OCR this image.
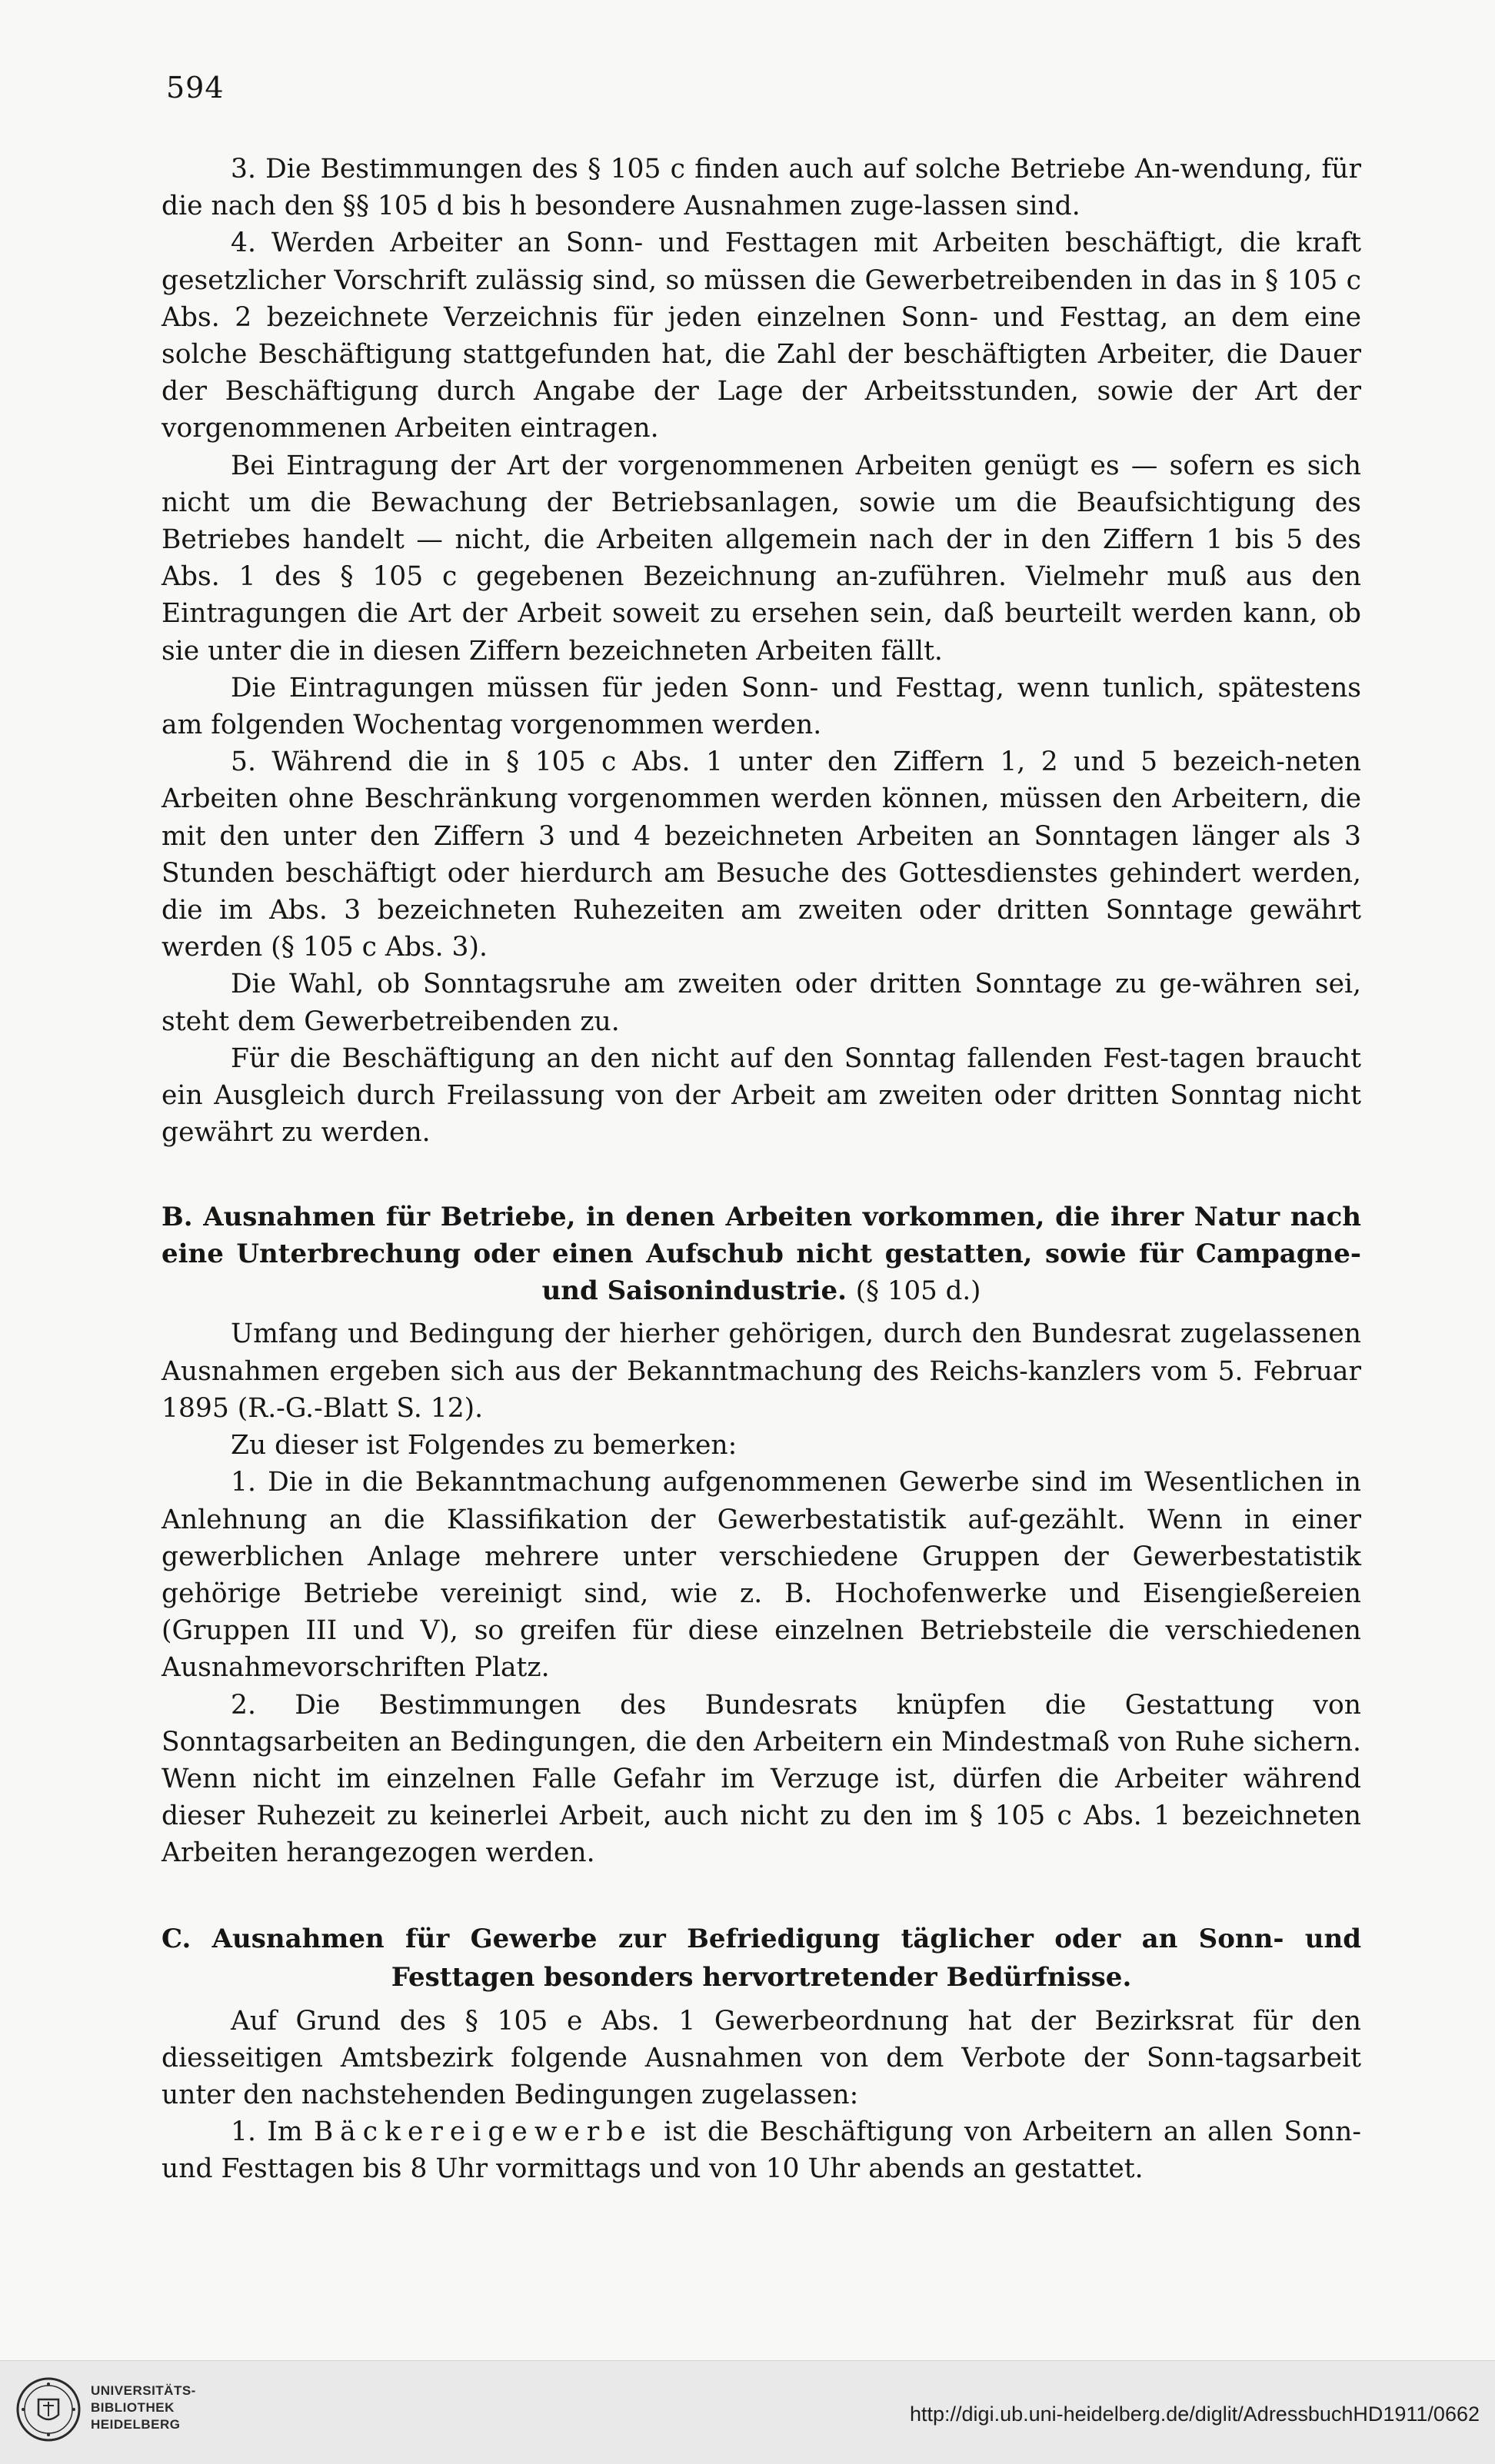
594

3. Die Bestimmungen des § 105 c finden auch auf solche Betriebe An-wendung, für die nach den §§ 105 d bis h besondere Ausnahmen zuge-lassen sind.

4. Werden Arbeiter an Sonn- und Festtagen mit Arbeiten beschäftigt, die kraft gesetzlicher Vorschrift zulässig sind, so müssen die Gewerbetreibenden in das in § 105 c Abs. 2 bezeichnete Verzeichnis für jeden einzelnen Sonn- und Festtag, an dem eine solche Beschäftigung stattgefunden hat, die Zahl der beschäftigten Arbeiter, die Dauer der Beschäftigung durch Angabe der Lage der Arbeitsstunden, sowie der Art der vorgenommenen Arbeiten eintragen.

Bei Eintragung der Art der vorgenommenen Arbeiten genügt es — sofern es sich nicht um die Bewachung der Betriebsanlagen, sowie um die Beaufsichtigung des Betriebes handelt — nicht, die Arbeiten allgemein nach der in den Ziffern 1 bis 5 des Abs. 1 des § 105 c gegebenen Bezeichnung an-zuführen. Vielmehr muß aus den Eintragungen die Art der Arbeit soweit zu ersehen sein, daß beurteilt werden kann, ob sie unter die in diesen Ziffern bezeichneten Arbeiten fällt.

Die Eintragungen müssen für jeden Sonn- und Festtag, wenn tunlich, spätestens am folgenden Wochentag vorgenommen werden.

5. Während die in § 105 c Abs. 1 unter den Ziffern 1, 2 und 5 bezeich-neten Arbeiten ohne Beschränkung vorgenommen werden können, müssen den Arbeitern, die mit den unter den Ziffern 3 und 4 bezeichneten Arbeiten an Sonntagen länger als 3 Stunden beschäftigt oder hierdurch am Besuche des Gottesdienstes gehindert werden, die im Abs. 3 bezeichneten Ruhezeiten am zweiten oder dritten Sonntage gewährt werden (§ 105 c Abs. 3).

Die Wahl, ob Sonntagsruhe am zweiten oder dritten Sonntage zu ge-währen sei, steht dem Gewerbetreibenden zu.

Für die Beschäftigung an den nicht auf den Sonntag fallenden Fest-tagen braucht ein Ausgleich durch Freilassung von der Arbeit am zweiten oder dritten Sonntag nicht gewährt zu werden.

B. Ausnahmen für Betriebe, in denen Arbeiten vorkommen, die ihrer Natur nach eine Unterbrechung oder einen Aufschub nicht gestatten, sowie für Campagne- und Saisonindustrie. (§ 105 d.)

Umfang und Bedingung der hierher gehörigen, durch den Bundesrat zugelassenen Ausnahmen ergeben sich aus der Bekanntmachung des Reichs-kanzlers vom 5. Februar 1895 (R.-G.-Blatt S. 12).

Zu dieser ist Folgendes zu bemerken:

1. Die in die Bekanntmachung aufgenommenen Gewerbe sind im Wesentlichen in Anlehnung an die Klassifikation der Gewerbestatistik auf-gezählt. Wenn in einer gewerblichen Anlage mehrere unter verschiedene Gruppen der Gewerbestatistik gehörige Betriebe vereinigt sind, wie z. B. Hochofenwerke und Eisengießereien (Gruppen III und V), so greifen für diese einzelnen Betriebsteile die verschiedenen Ausnahmevorschriften Platz.

2. Die Bestimmungen des Bundesrats knüpfen die Gestattung von Sonntagsarbeiten an Bedingungen, die den Arbeitern ein Mindestmaß von Ruhe sichern. Wenn nicht im einzelnen Falle Gefahr im Verzuge ist, dürfen die Arbeiter während dieser Ruhezeit zu keinerlei Arbeit, auch nicht zu den im § 105 c Abs. 1 bezeichneten Arbeiten herangezogen werden.

C. Ausnahmen für Gewerbe zur Befriedigung täglicher oder an Sonn- und Festtagen besonders hervortretender Bedürfnisse.

Auf Grund des § 105 e Abs. 1 Gewerbeordnung hat der Bezirksrat für den diesseitigen Amtsbezirk folgende Ausnahmen von dem Verbote der Sonn-tagsarbeit unter den nachstehenden Bedingungen zugelassen:

1. Im Bäckereigewerbe ist die Beschäftigung von Arbeitern an allen Sonn- und Festtagen bis 8 Uhr vormittags und von 10 Uhr abends an gestattet.

UNIVERSITÄTS-
BIBLIOTHEK
HEIDELBERG	http://digi.ub.uni-heidelberg.de/diglit/AdressbuchHD1911/0662
